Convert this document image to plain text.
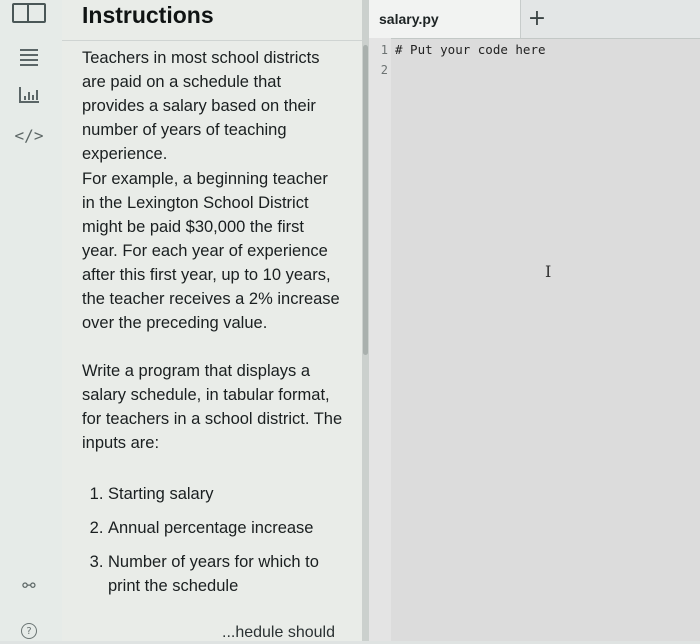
</>
⚯
?
Instructions
Teachers in most school districts are paid on a schedule that provides a salary based on their number of years of teaching experience.
For example, a beginning teacher in the Lexington School District might be paid $30,000 the first year. For each year of experience after this first year, up to 10 years, the teacher receives a 2% increase over the preceding value.
Write a program that displays a salary schedule, in tabular format, for teachers in a school district. The inputs are:
1. Starting salary
2. Annual percentage increase
3. Number of years for which to print the schedule
...hedule should
salary.py	+
1
2
# Put your code here
I
